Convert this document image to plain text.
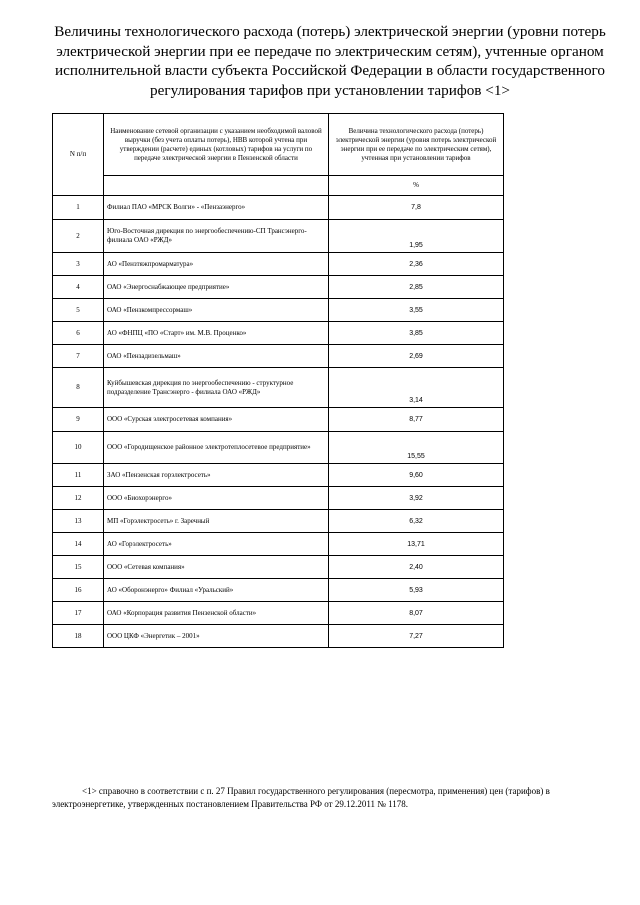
Величины технологического расхода (потерь) электрической энергии (уровни потерь электрической энергии при ее передаче по электрическим сетям), учтенные органом исполнительной власти субъекта Российской Федерации в области государственного регулирования тарифов при установлении тарифов <1>
N п/п	Наименование сетевой организации с указанием необходимой валовой выручки (без учета оплаты потерь), НВВ которой учтена при утверждении (расчете) единых (котловых) тарифов на услуги по передаче электрической энергии в Пензенской области	Величина технологического расхода (потерь) электрической энергии (уровня потерь электрической энергии при ее передаче по электрическим сетям), учтенная при установлении тарифов
		%
1	Филиал ПАО «МРСК Волги» - «Пензаэнерго»	7,8
2	Юго-Восточная дирекция по энергообеспечению-СП Трансэнерго-филиала ОАО «РЖД»	1,95
3	АО «Пензтяжпромарматура»	2,36
4	ОАО «Энергоснабжающее предприятие»	2,85
5	ОАО «Пензкомпрессормаш»	3,55
6	АО «ФНПЦ «ПО «Старт» им. М.В. Проценко»	3,85
7	ОАО «Пензадизельмаш»	2,69
8	Куйбышевская дирекция по энергообеспечению - структурное подразделение Трансэнерго - филиала ОАО «РЖД»	3,14
9	ООО «Сурская электросетевая компания»	8,77
10	ООО «Городищенское районное электротеплосетевое предприятие»	15,55
11	ЗАО «Пензенская горэлектросеть»	9,60
12	ООО «Биохорэнерго»	3,92
13	МП «Горэлектросеть» г. Заречный	6,32
14	АО «Горэлектросеть»	13,71
15	ООО «Сетевая компания»	2,40
16	АО «Оборонэнерго» Филиал «Уральский»	5,93
17	ОАО «Корпорация развития Пензенской области»	8,07
18	ООО ЦКФ «Энергетик – 2001»	7,27
<1> справочно в соответствии с п. 27 Правил государственного регулирования (пересмотра, применения) цен (тарифов) в электроэнергетике, утвержденных постановлением Правительства РФ от 29.12.2011 № 1178.
